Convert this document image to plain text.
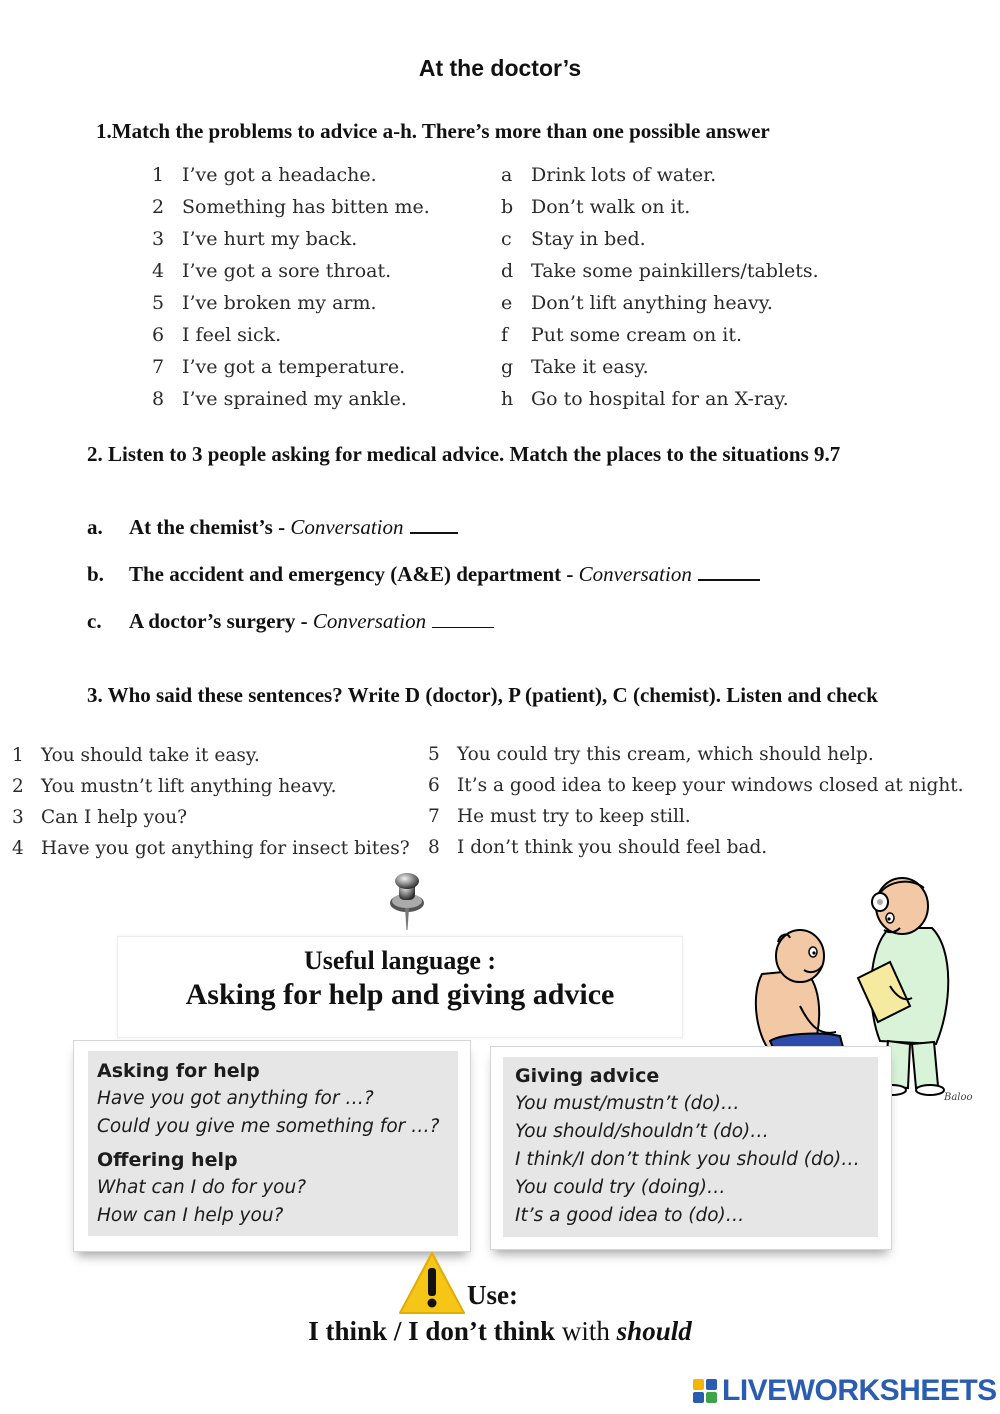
At the doctor’s
1.Match the problems to advice a-h. There’s more than one possible answer
1 I’ve got a headache.
2 Something has bitten me.
3 I’ve hurt my back.
4 I’ve got a sore throat.
5 I’ve broken my arm.
6 I feel sick.
7 I’ve got a temperature.
8 I’ve sprained my ankle.
a Drink lots of water.
b Don’t walk on it.
c Stay in bed.
d Take some painkillers/tablets.
e Don’t lift anything heavy.
f Put some cream on it.
g Take it easy.
h Go to hospital for an X-ray.
2. Listen to 3 people asking for medical advice. Match the places to the situations 9.7
a. At the chemist’s - Conversation
b. The accident and emergency (A&E) department - Conversation
c. A doctor’s surgery - Conversation
3. Who said these sentences? Write D (doctor), P (patient), C (chemist). Listen and check
1 You should take it easy.
2 You mustn’t lift anything heavy.
3 Can I help you?
4 Have you got anything for insect bites?
5 You could try this cream, which should help.
6 It’s a good idea to keep your windows closed at night.
7 He must try to keep still.
8 I don’t think you should feel bad.
Useful language :
Asking for help and giving advice
Baloo
Asking for help
Have you got anything for …?
Could you give me something for …?
Offering help
What can I do for you?
How can I help you?
Giving advice
You must/mustn’t (do)…
You should/shouldn’t (do)…
I think/I don’t think you should (do)…
You could try (doing)…
It’s a good idea to (do)…
Use:
I think / I don’t think with should
LIVEWORKSHEETS
